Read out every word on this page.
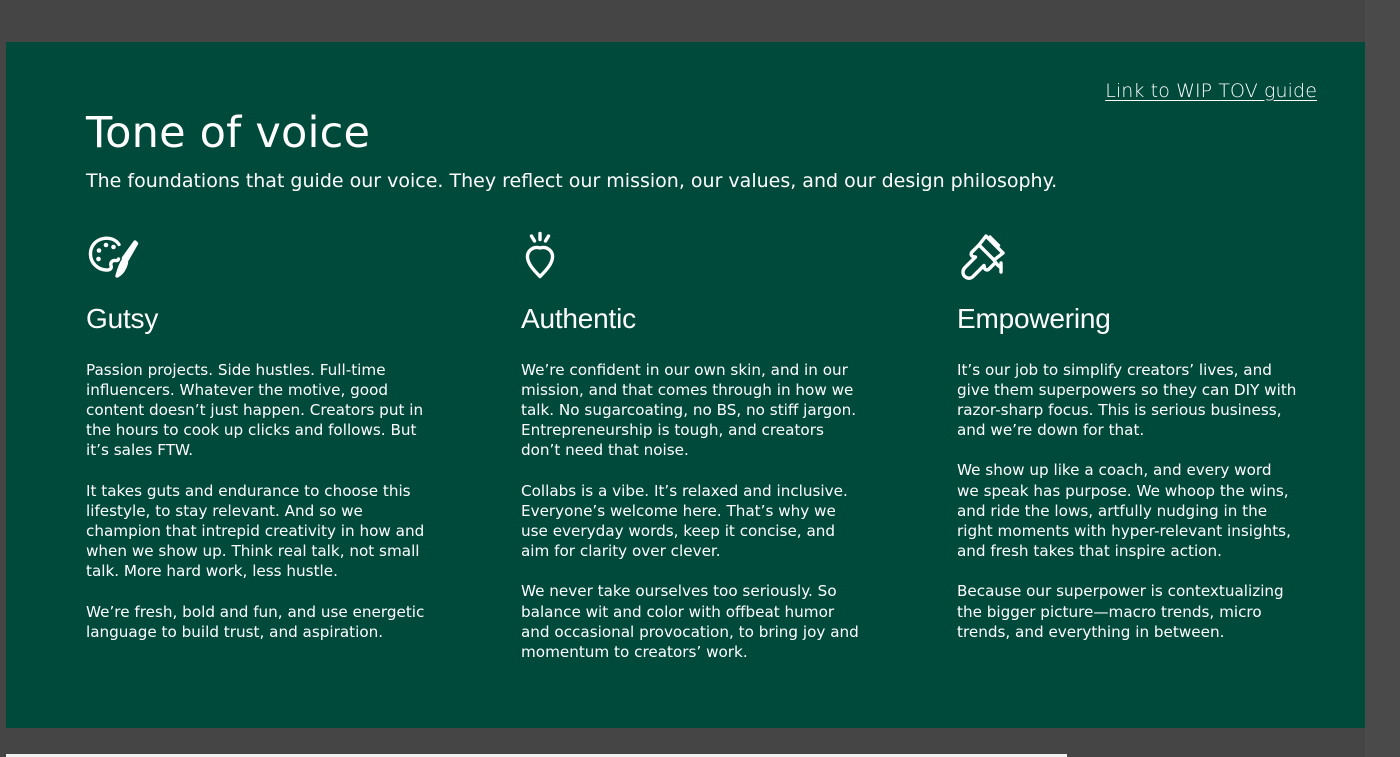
Link to WIP TOV guide
Tone of voice

The foundations that guide our voice. They reflect our mission, our values, and our design philosophy.

Gutsy

Passion projects. Side hustles. Full-time influencers. Whatever the motive, good content doesn’t just happen. Creators put in the hours to cook up clicks and follows. But it’s sales FTW.

It takes guts and endurance to choose this lifestyle, to stay relevant. And so we champion that intrepid creativity in how and when we show up. Think real talk, not small talk. More hard work, less hustle.

We’re fresh, bold and fun, and use energetic language to build trust, and aspiration.

Authentic

We’re confident in our own skin, and in our mission, and that comes through in how we talk. No sugarcoating, no BS, no stiff jargon. Entrepreneurship is tough, and creators don’t need that noise.

Collabs is a vibe. It’s relaxed and inclusive. Everyone’s welcome here. That’s why we use everyday words, keep it concise, and aim for clarity over clever.

We never take ourselves too seriously. So balance wit and color with offbeat humor and occasional provocation, to bring joy and momentum to creators’ work.

Empowering

It’s our job to simplify creators’ lives, and give them superpowers so they can DIY with razor-sharp focus. This is serious business, and we’re down for that.

We show up like a coach, and every word we speak has purpose. We whoop the wins, and ride the lows, artfully nudging in the right moments with hyper-relevant insights, and fresh takes that inspire action.

Because our superpower is contextualizing the bigger picture—macro trends, micro trends, and everything in between.
